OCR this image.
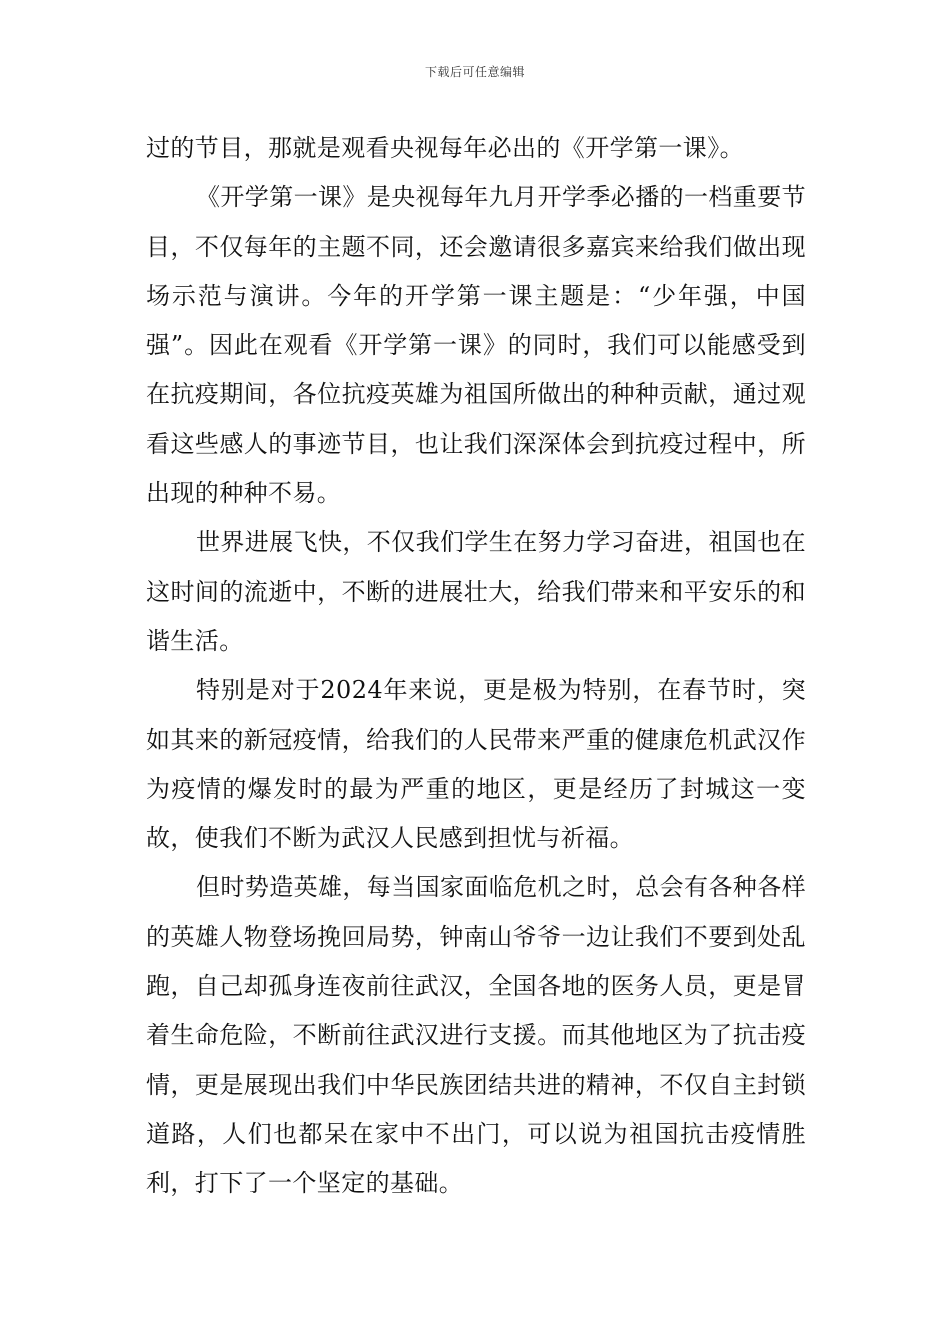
下载后可任意编辑

过的节目，那就是观看央视每年必出的《开学第一课》。

《开学第一课》是央视每年九月开学季必播的一档重要节目，不仅每年的主题不同，还会邀请很多嘉宾来给我们做出现场示范与演讲。今年的开学第一课主题是：“少年强，中国强”。因此在观看《开学第一课》的同时，我们可以能感受到在抗疫期间，各位抗疫英雄为祖国所做出的种种贡献，通过观看这些感人的事迹节目，也让我们深深体会到抗疫过程中，所出现的种种不易。

世界进展飞快，不仅我们学生在努力学习奋进，祖国也在这时间的流逝中，不断的进展壮大，给我们带来和平安乐的和谐生活。

特别是对于2024年来说，更是极为特别，在春节时，突如其来的新冠疫情，给我们的人民带来严重的健康危机武汉作为疫情的爆发时的最为严重的地区，更是经历了封城这一变故，使我们不断为武汉人民感到担忧与祈福。

但时势造英雄，每当国家面临危机之时，总会有各种各样的英雄人物登场挽回局势，钟南山爷爷一边让我们不要到处乱跑，自己却孤身连夜前往武汉，全国各地的医务人员，更是冒着生命危险，不断前往武汉进行支援。而其他地区为了抗击疫情，更是展现出我们中华民族团结共进的精神，不仅自主封锁道路，人们也都呆在家中不出门，可以说为祖国抗击疫情胜利，打下了一个坚定的基础。
